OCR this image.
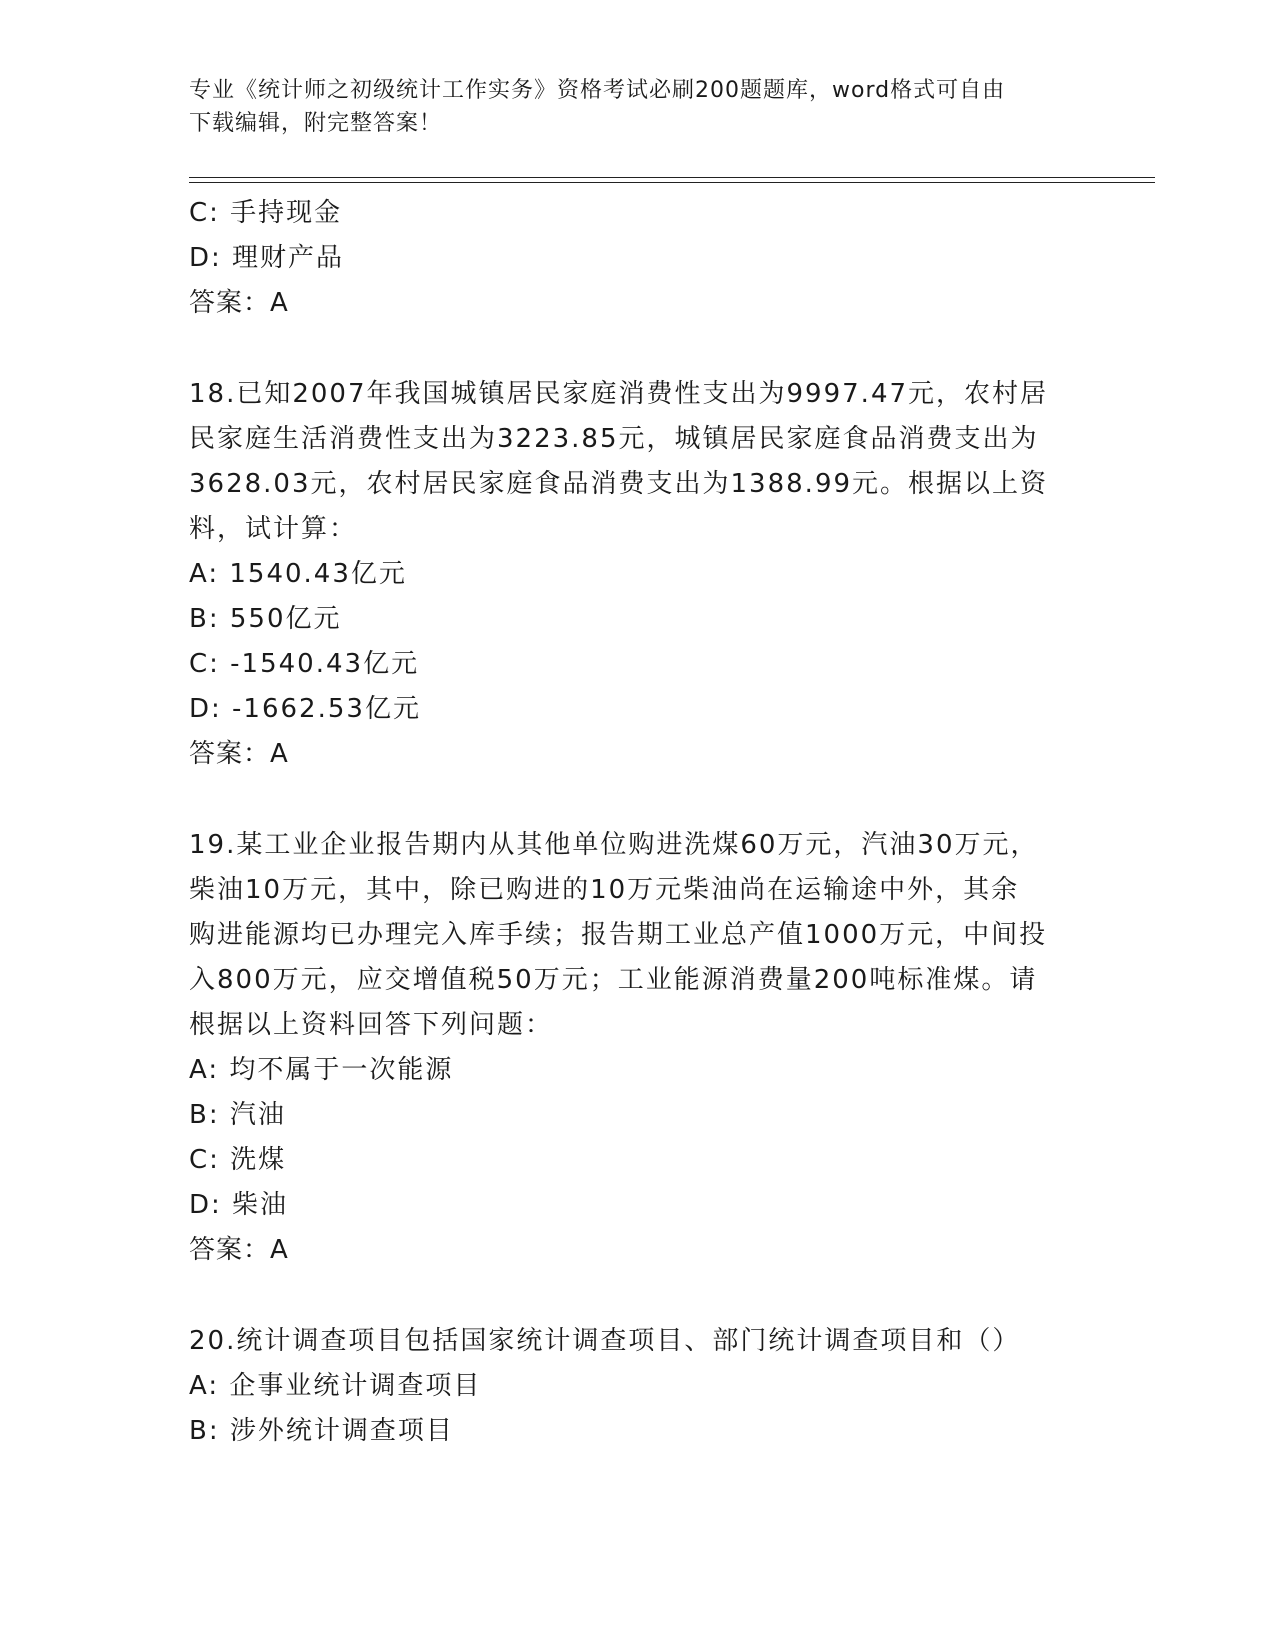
专业《统计师之初级统计工作实务》资格考试必刷200题题库，word格式可自由
下载编辑，附完整答案！
C: 手持现金
D: 理财产品
答案：A
18.已知2007年我国城镇居民家庭消费性支出为9997.47元，农村居
民家庭生活消费性支出为3223.85元，城镇居民家庭食品消费支出为
3628.03元，农村居民家庭食品消费支出为1388.99元。根据以上资
料，试计算：
A: 1540.43亿元
B: 550亿元
C: -1540.43亿元
D: -1662.53亿元
答案：A
19.某工业企业报告期内从其他单位购进洗煤60万元，汽油30万元，
柴油10万元，其中，除已购进的10万元柴油尚在运输途中外，其余
购进能源均已办理完入库手续；报告期工业总产值1000万元，中间投
入800万元，应交增值税50万元；工业能源消费量200吨标准煤。请
根据以上资料回答下列问题：
A: 均不属于一次能源
B: 汽油
C: 洗煤
D: 柴油
答案：A
20.统计调查项目包括国家统计调查项目、部门统计调查项目和（）
A: 企事业统计调查项目
B: 涉外统计调查项目
